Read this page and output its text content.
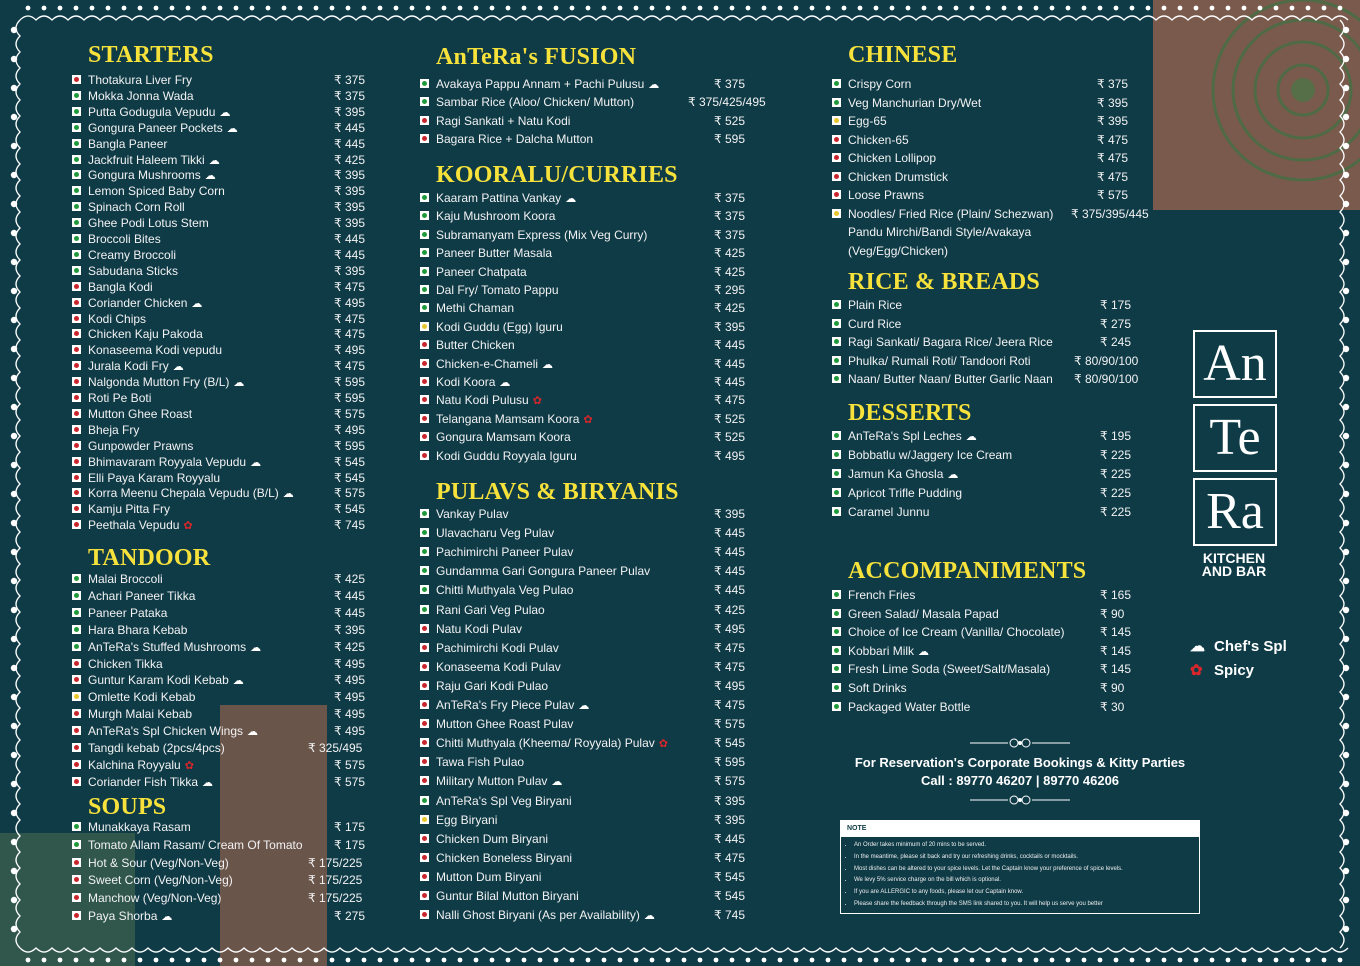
STARTERS
Thotakura Liver Fry	₹ 375
Mokka Jonna Wada	₹ 375
Putta Godugula Vepudu ☁	₹ 395
Gongura Paneer Pockets ☁	₹ 445
Bangla Paneer	₹ 445
Jackfruit Haleem Tikki ☁	₹ 425
Gongura Mushrooms ☁	₹ 395
Lemon Spiced Baby Corn	₹ 395
Spinach Corn Roll	₹ 395
Ghee Podi Lotus Stem	₹ 395
Broccoli Bites	₹ 445
Creamy Broccoli	₹ 445
Sabudana Sticks	₹ 395
Bangla Kodi	₹ 475
Coriander Chicken ☁	₹ 495
Kodi Chips	₹ 475
Chicken Kaju Pakoda	₹ 475
Konaseema Kodi vepudu	₹ 495
Jurala Kodi Fry ☁	₹ 475
Nalgonda Mutton Fry (B/L) ☁	₹ 595
Roti Pe Boti	₹ 595
Mutton Ghee Roast	₹ 575
Bheja Fry	₹ 495
Gunpowder Prawns	₹ 595
Bhimavaram Royyala Vepudu ☁	₹ 545
Elli Paya Karam Royyalu	₹ 545
Korra Meenu Chepala Vepudu (B/L) ☁	₹ 575
Kamju Pitta Fry	₹ 545
Peethala Vepudu ✿	₹ 745
TANDOOR
Malai Broccoli	₹ 425
Achari Paneer Tikka	₹ 445
Paneer Pataka	₹ 445
Hara Bhara Kebab	₹ 395
AnTeRa's Stuffed Mushrooms ☁	₹ 425
Chicken Tikka	₹ 495
Guntur Karam Kodi Kebab ☁	₹ 495
Omlette Kodi Kebab	₹ 495
Murgh Malai Kebab	₹ 495
AnTeRa's Spl Chicken Wings ☁	₹ 495
Tangdi kebab (2pcs/4pcs)	₹ 325/495
Kalchina Royyalu ✿	₹ 575
Coriander Fish Tikka ☁	₹ 575
SOUPS
Munakkaya Rasam	₹ 175
Tomato Allam Rasam/ Cream Of Tomato	₹ 175
Hot & Sour (Veg/Non-Veg)	₹ 175/225
Sweet Corn (Veg/Non-Veg)	₹ 175/225
Manchow (Veg/Non-Veg)	₹ 175/225
Paya Shorba ☁	₹ 275
AnTeRa's FUSION
Avakaya Pappu Annam + Pachi Pulusu ☁	₹ 375
Sambar Rice (Aloo/ Chicken/ Mutton)	₹ 375/425/495
Ragi Sankati + Natu Kodi	₹ 525
Bagara Rice + Dalcha Mutton	₹ 595
KOORALU/CURRIES
Kaaram Pattina Vankay ☁	₹ 375
Kaju Mushroom Koora	₹ 375
Subramanyam Express (Mix Veg Curry)	₹ 375
Paneer Butter Masala	₹ 425
Paneer Chatpata	₹ 425
Dal Fry/ Tomato Pappu	₹ 295
Methi Chaman	₹ 425
Kodi Guddu (Egg) Iguru	₹ 395
Butter Chicken	₹ 445
Chicken-e-Chameli ☁	₹ 445
Kodi Koora ☁	₹ 445
Natu Kodi Pulusu ✿	₹ 475
Telangana Mamsam Koora ✿	₹ 525
Gongura Mamsam Koora	₹ 525
Kodi Guddu Royyala Iguru	₹ 495
PULAVS & BIRYANIS
Vankay Pulav	₹ 395
Ulavacharu Veg Pulav	₹ 445
Pachimirchi Paneer Pulav	₹ 445
Gundamma Gari Gongura Paneer Pulav	₹ 445
Chitti Muthyala Veg Pulao	₹ 445
Rani Gari Veg Pulao	₹ 425
Natu Kodi Pulav	₹ 495
Pachimirchi Kodi Pulav	₹ 475
Konaseema Kodi Pulav	₹ 475
Raju Gari Kodi Pulao	₹ 495
AnTeRa's Fry Piece Pulav ☁	₹ 475
Mutton Ghee Roast Pulav	₹ 575
Chitti Muthyala (Kheema/ Royyala) Pulav ✿	₹ 545
Tawa Fish Pulao	₹ 595
Military Mutton Pulav ☁	₹ 575
AnTeRa's Spl Veg Biryani	₹ 395
Egg Biryani	₹ 395
Chicken Dum Biryani	₹ 445
Chicken Boneless Biryani	₹ 475
Mutton Dum Biryani	₹ 545
Guntur Bilal Mutton Biryani	₹ 545
Nalli Ghost Biryani (As per Availability) ☁	₹ 745
CHINESE
Crispy Corn	₹ 375
Veg Manchurian Dry/Wet	₹ 395
Egg-65	₹ 395
Chicken-65	₹ 475
Chicken Lollipop	₹ 475
Chicken Drumstick	₹ 475
Loose Prawns	₹ 575
Noodles/ Fried Rice (Plain/ Schezwan) ₹ 375/395/445
Pandu Mirchi/Bandi Style/Avakaya
(Veg/Egg/Chicken)
RICE & BREADS
Plain Rice	₹ 175
Curd Rice	₹ 275
Ragi Sankati/ Bagara Rice/ Jeera Rice	₹ 245
Phulka/ Rumali Roti/ Tandoori Roti	₹ 80/90/100
Naan/ Butter Naan/ Butter Garlic Naan ₹ 80/90/100
DESSERTS
AnTeRa's Spl Leches ☁	₹ 195
Bobbatlu w/Jaggery Ice Cream	₹ 225
Jamun Ka Ghosla ☁	₹ 225
Apricot Trifle Pudding	₹ 225
Caramel Junnu	₹ 225
ACCOMPANIMENTS
French Fries	₹ 165
Green Salad/ Masala Papad	₹ 90
Choice of Ice Cream (Vanilla/ Chocolate)	₹ 145
Kobbari Milk ☁	₹ 145
Fresh Lime Soda (Sweet/Salt/Masala)	₹ 145
Soft Drinks	₹ 90
Packaged Water Bottle	₹ 30
An
Te
Ra
KITCHEN
AND BAR
☁ Chef's Spl
✿ Spicy
For Reservation's Corporate Bookings & Kitty Parties
Call : 89770 46207 | 89770 46206
NOTE
• An Order takes minimum of 20 mins to be served.
• In the meantime, please sit back and try our refreshing drinks, cocktails or mocktails.
• Most dishes can be altered to your spice levels. Let the Captain know your preference of spice levels.
• We levy 5% service charge on the bill which is optional.
• If you are ALLERGIC to any foods, please let our Captain know.
• Please share the feedback through the SMS link shared to you. It will help us serve you better
